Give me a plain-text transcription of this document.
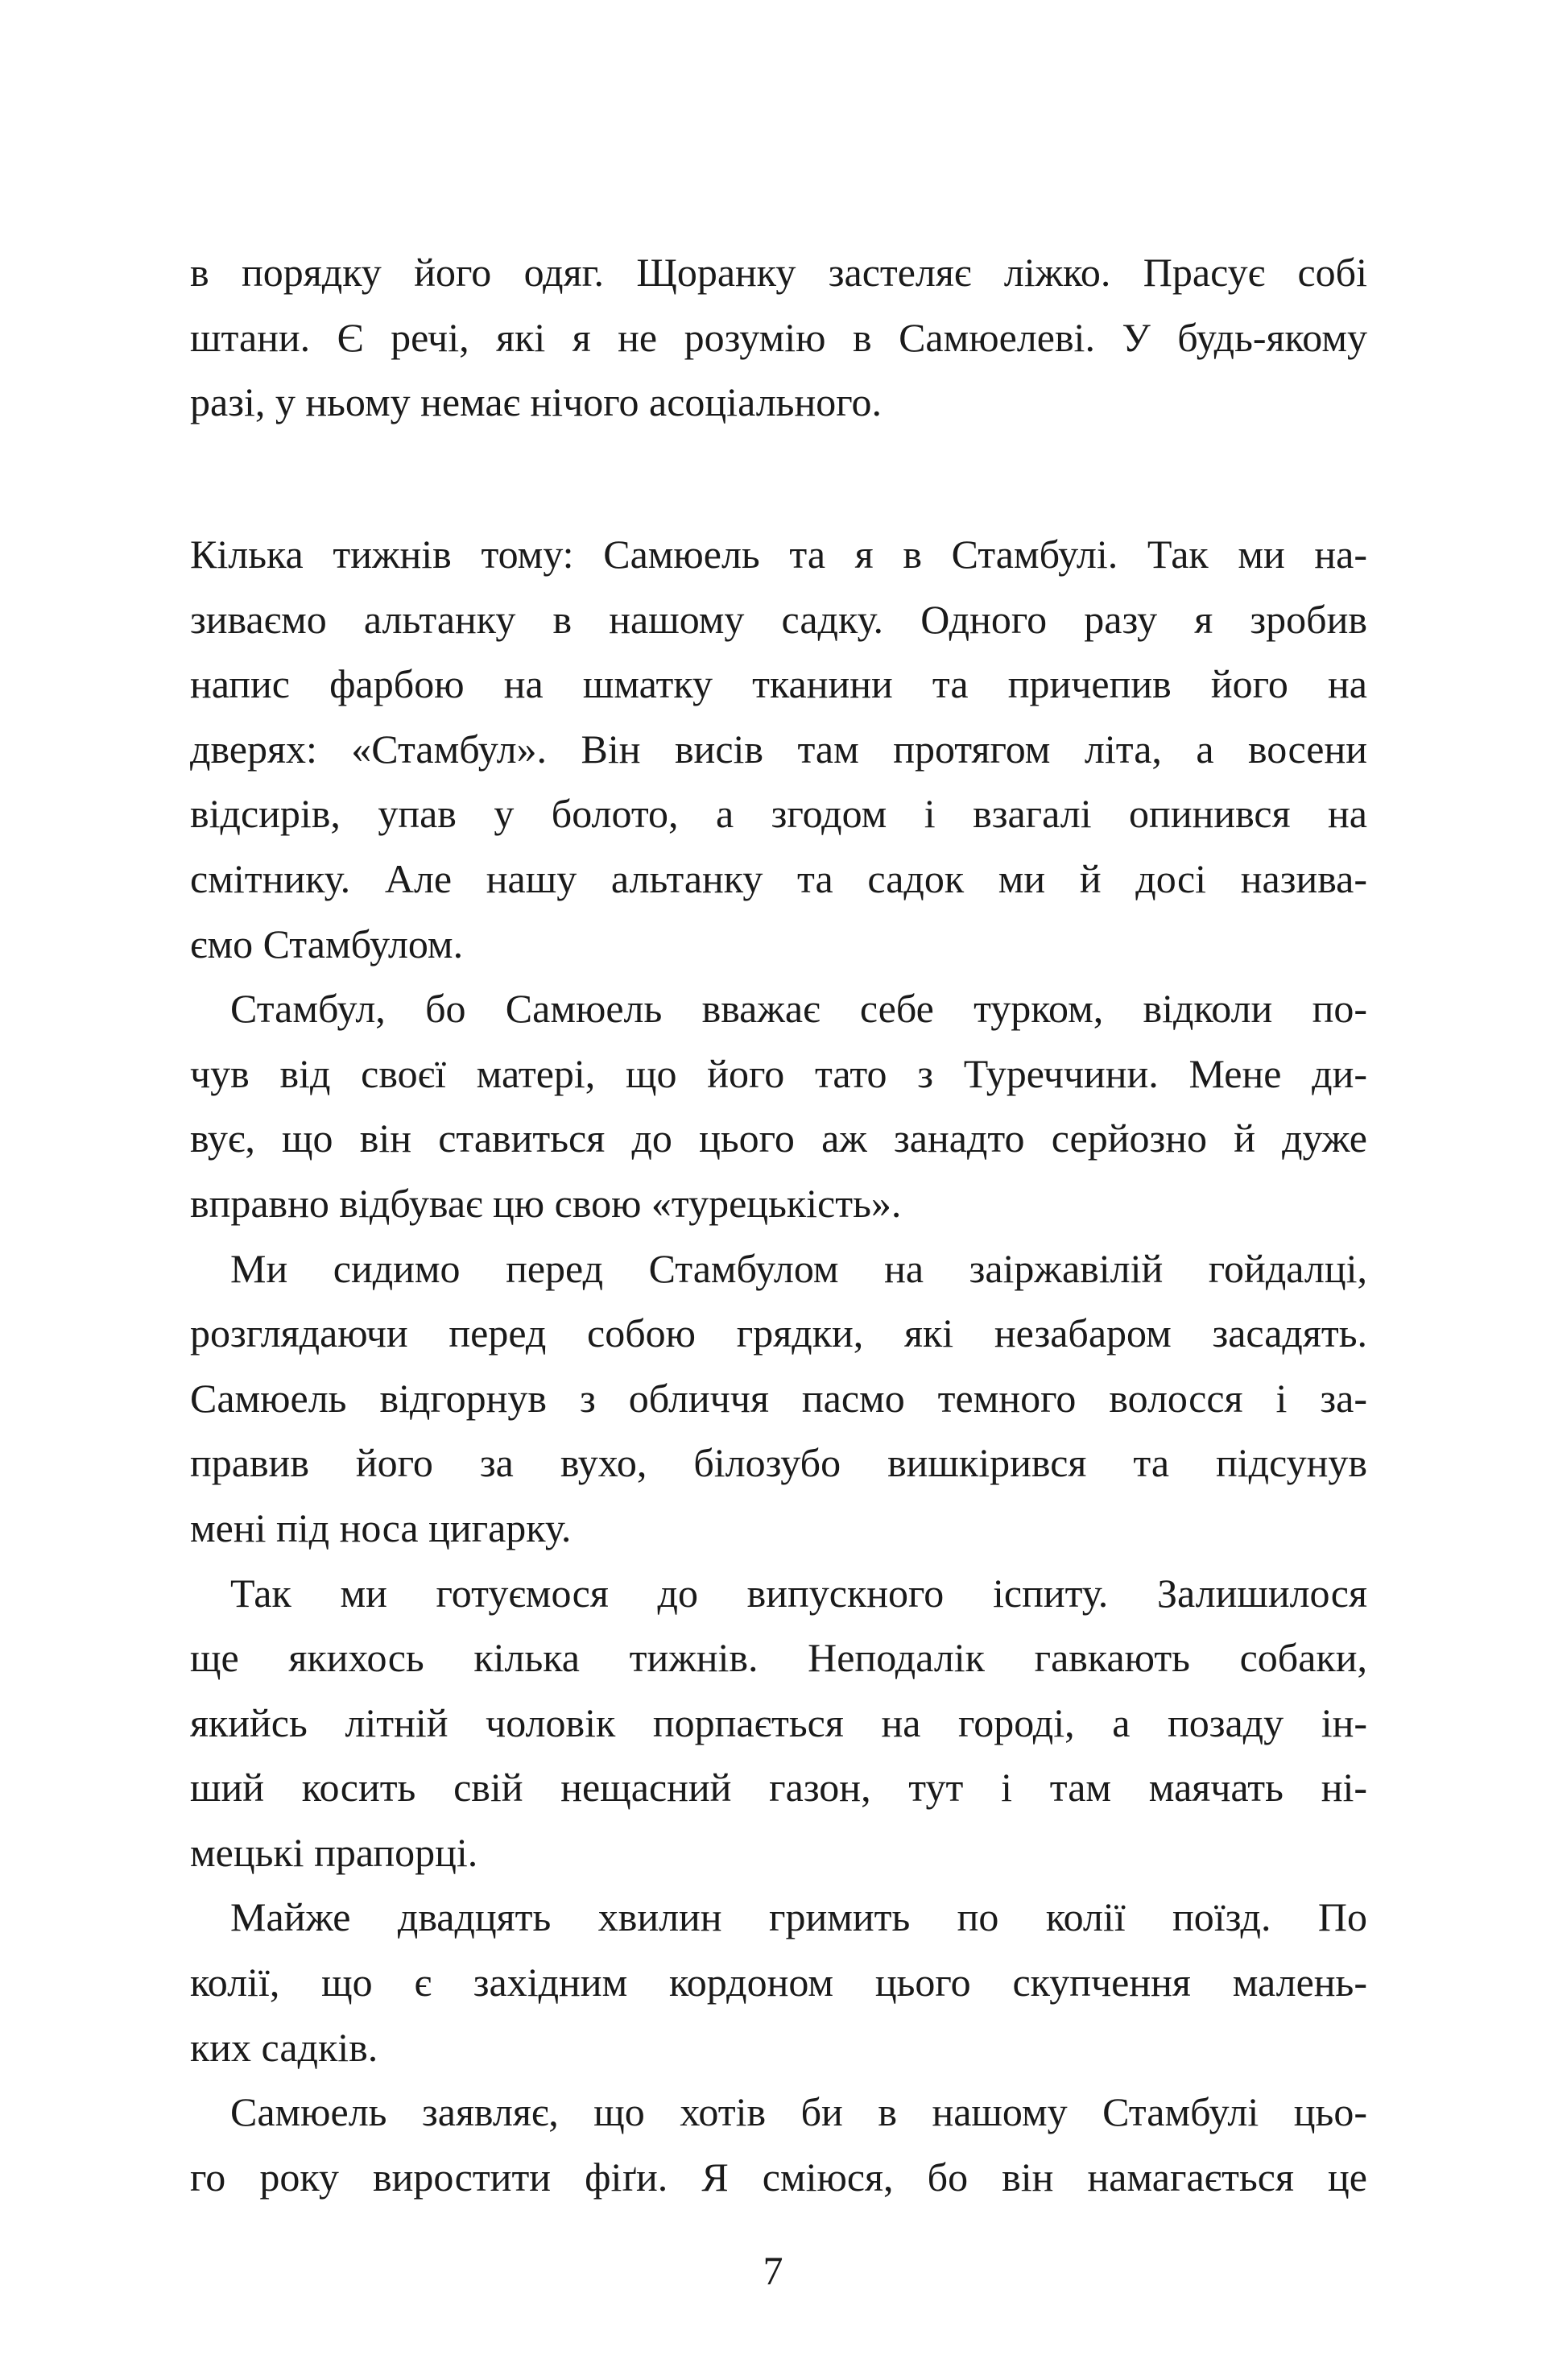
в порядку його одяг. Щоранку застеляє ліжко. Прасує собі
штани. Є речі, які я не розумію в Самюелеві. У будь-якому
разі, у ньому немає нічого асоціального.
Кілька тижнів тому: Самюель та я в Стамбулі. Так ми на-
зиваємо альтанку в нашому садку. Одного разу я зробив
напис фарбою на шматку тканини та причепив його на
дверях: «Стамбул». Він висів там протягом літа, а восени
відсирів, упав у болото, а згодом і взагалі опинився на
смітнику. Але нашу альтанку та садок ми й досі назива-
ємо Стамбулом.
Стамбул, бо Самюель вважає себе турком, відколи по-
чув від своєї матері, що його тато з Туреччини. Мене ди-
вує, що він ставиться до цього аж занадто серйозно й дуже
вправно відбуває цю свою «турецькість».
Ми сидимо перед Стамбулом на заіржавілій гойдалці,
розглядаючи перед собою грядки, які незабаром засадять.
Самюель відгорнув з обличчя пасмо темного волосся і за-
правив його за вухо, білозубо вишкірився та підсунув
мені під носа цигарку.
Так ми готуємося до випускного іспиту. Залишилося
ще якихось кілька тижнів. Неподалік гавкають собаки,
якийсь літній чоловік порпається на городі, а позаду ін-
ший косить свій нещасний газон, тут і там маячать ні-
мецькі прапорці.
Майже двадцять хвилин гримить по колії поїзд. По
колії, що є західним кордоном цього скупчення малень-
ких садків.
Самюель заявляє, що хотів би в нашому Стамбулі цьо-
го року виростити фіґи. Я сміюся, бо він намагається це
7
